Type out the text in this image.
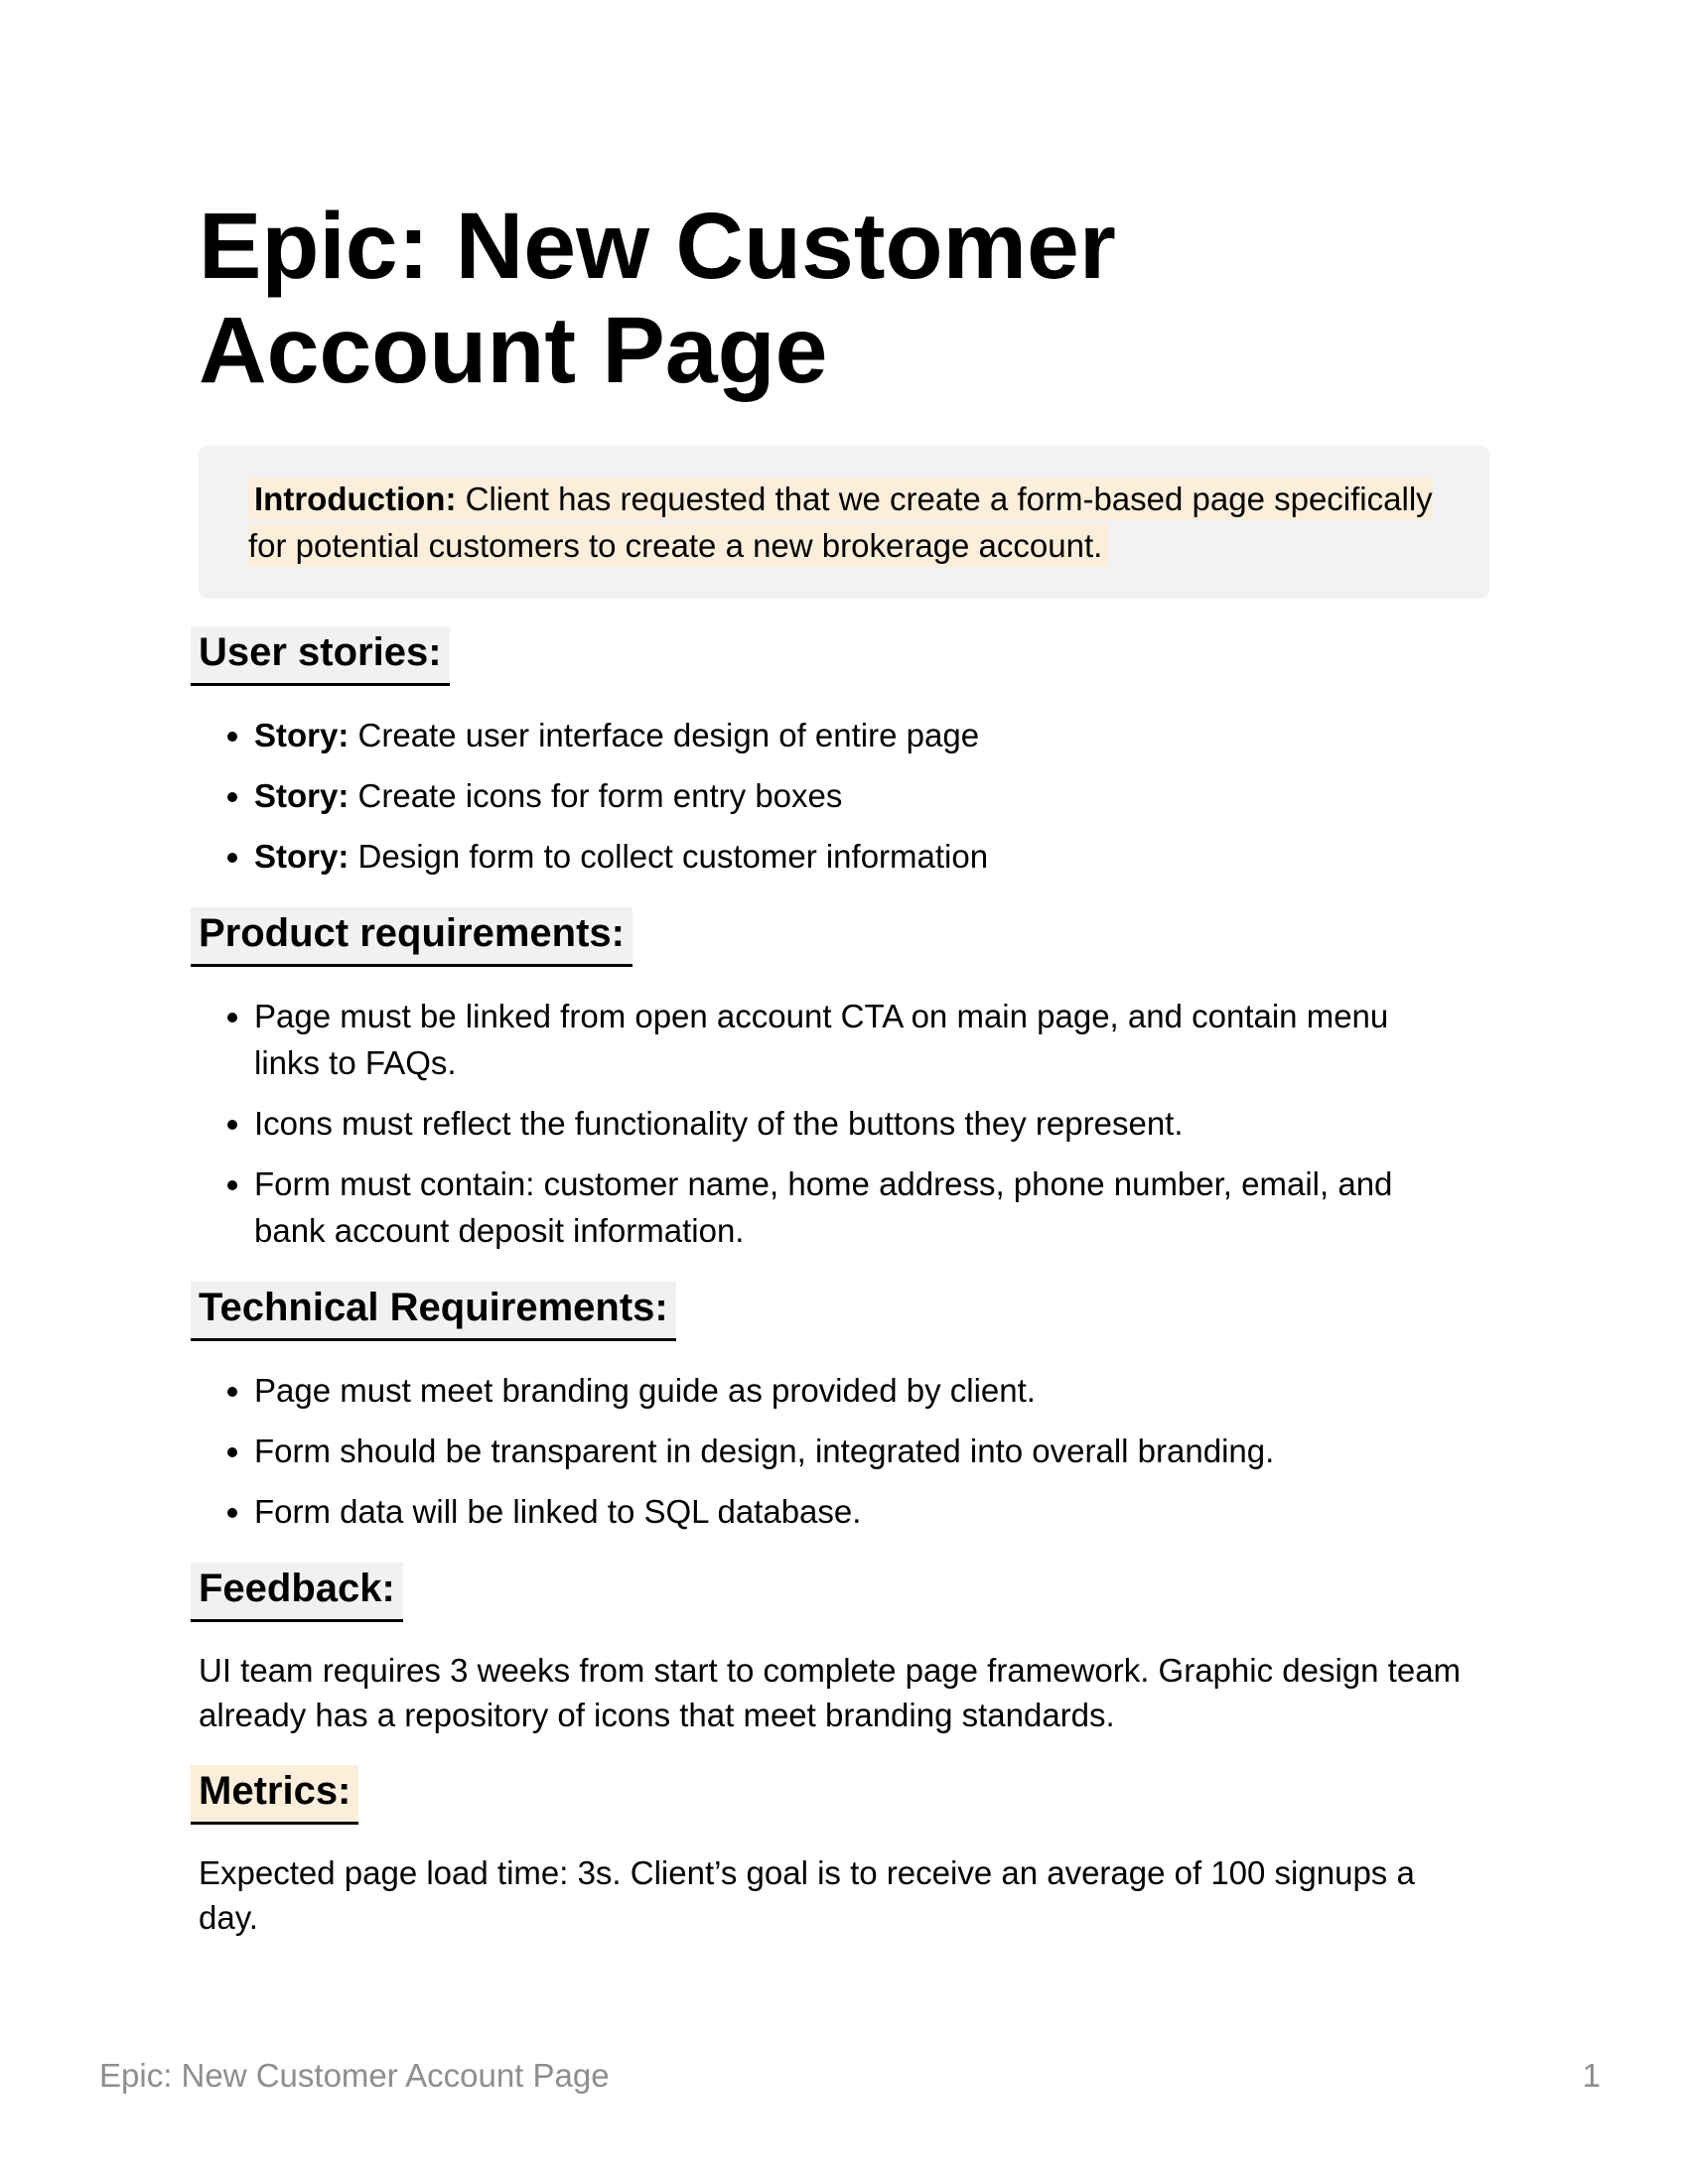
Epic: New Customer Account Page

Introduction: Client has requested that we create a form-based page specifically for potential customers to create a new brokerage account.

User stories:
• Story: Create user interface design of entire page
• Story: Create icons for form entry boxes
• Story: Design form to collect customer information
Product requirements:
• Page must be linked from open account CTA on main page, and contain menu links to FAQs.
• Icons must reflect the functionality of the buttons they represent.
• Form must contain: customer name, home address, phone number, email, and bank account deposit information.
Technical Requirements:
• Page must meet branding guide as provided by client.
• Form should be transparent in design, integrated into overall branding.
• Form data will be linked to SQL database.
Feedback:

UI team requires 3 weeks from start to complete page framework. Graphic design team already has a repository of icons that meet branding standards.

Metrics:

Expected page load time: 3s. Client’s goal is to receive an average of 100 signups a day.

Epic: New Customer Account Page	1
